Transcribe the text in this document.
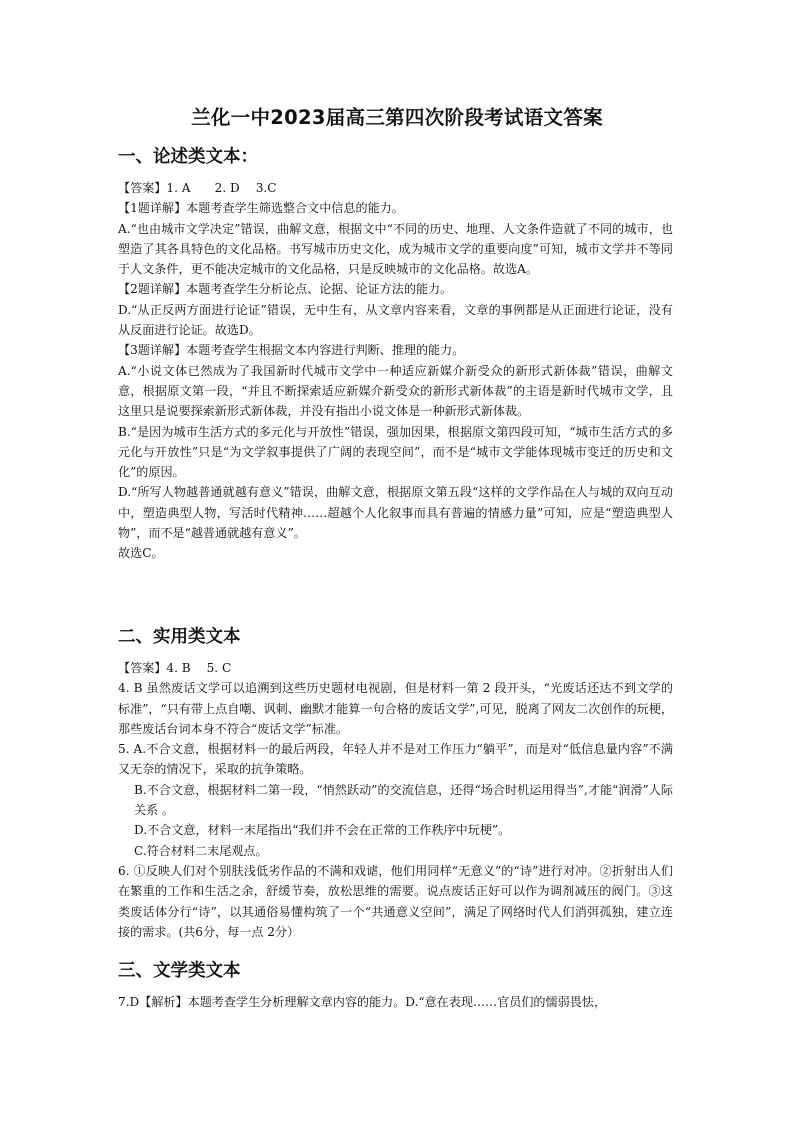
兰化一中2023届高三第四次阶段考试语文答案
一、论述类文本：

【答案】1. A　　2. D　 3.C

【1题详解】本题考查学生筛选整合文中信息的能力。

A.“也由城市文学决定”错误，曲解文意，根据文中“不同的历史、地理、人文条件造就了不同的城市，也塑造了其各具特色的文化品格。书写城市历史文化，成为城市文学的重要向度”可知，城市文学并不等同于人文条件，更不能决定城市的文化品格，只是反映城市的文化品格。故选A。

【2题详解】本题考查学生分析论点、论据、论证方法的能力。

D.“从正反两方面进行论证”错误，无中生有，从文章内容来看，文章的事例都是从正面进行论证，没有从反面进行论证。故选D。

【3题详解】本题考查学生根据文本内容进行判断、推理的能力。

A.“小说文体已然成为了我国新时代城市文学中一种适应新媒介新受众的新形式新体裁”错误，曲解文意，根据原文第一段，“并且不断探索适应新媒介新受众的新形式新体裁”的主语是新时代城市文学，且这里只是说要探索新形式新体裁，并没有指出小说文体是一种新形式新体裁。

B.“是因为城市生活方式的多元化与开放性”错误，强加因果，根据原文第四段可知，“城市生活方式的多元化与开放性”只是“为文学叙事提供了广阔的表现空间”，而不是“城市文学能体现城市变迁的历史和文化”的原因。

D.“所写人物越普通就越有意义”错误，曲解文意，根据原文第五段“这样的文学作品在人与城的双向互动中，塑造典型人物，写活时代精神……超越个人化叙事而具有普遍的情感力量”可知，应是“塑造典型人物”，而不是“越普通就越有意义”。

故选C。

二、实用类文本

【答案】4. B　 5. C

4. B 虽然废话文学可以追溯到这些历史题材电视剧，但是材料一第 2 段开头，“光废话还达不到文学的标准”，“只有带上点自嘲、讽刺、幽默才能算一句合格的废话文学”,可见，脱离了网友二次创作的玩梗，那些废话台词本身不符合“废话文学”标准。

5. A.不合文意，根据材料一的最后两段，年轻人并不是对工作压力“躺平”，而是对“低信息量内容”不满又无奈的情况下，采取的抗争策略。

B.不合文意，根据材料二第一段，“悄然跃动”的交流信息，还得“场合时机运用得当”,才能“润滑”人际关系 。

D.不合文意，材料一末尾指出“我们并不会在正常的工作秩序中玩梗”。

C.符合材料二末尾观点。

6. ①反映人们对个别肤浅低劣作品的不满和戏谑，他们用同样“无意义”的“诗”进行对冲。②折射出人们在繁重的工作和生活之余，舒缓节奏，放松思维的需要。说点废话正好可以作为调剂减压的阀门。③这类废话体分行“诗”，以其通俗易懂构筑了一个“共通意义空间”，满足了网络时代人们消弭孤独，建立连接的需求。(共6分，每一点 2分）

三、文学类文本

7.D【解析】本题考查学生分析理解文章内容的能力。D.“意在表现……官员们的懦弱畏怯，
